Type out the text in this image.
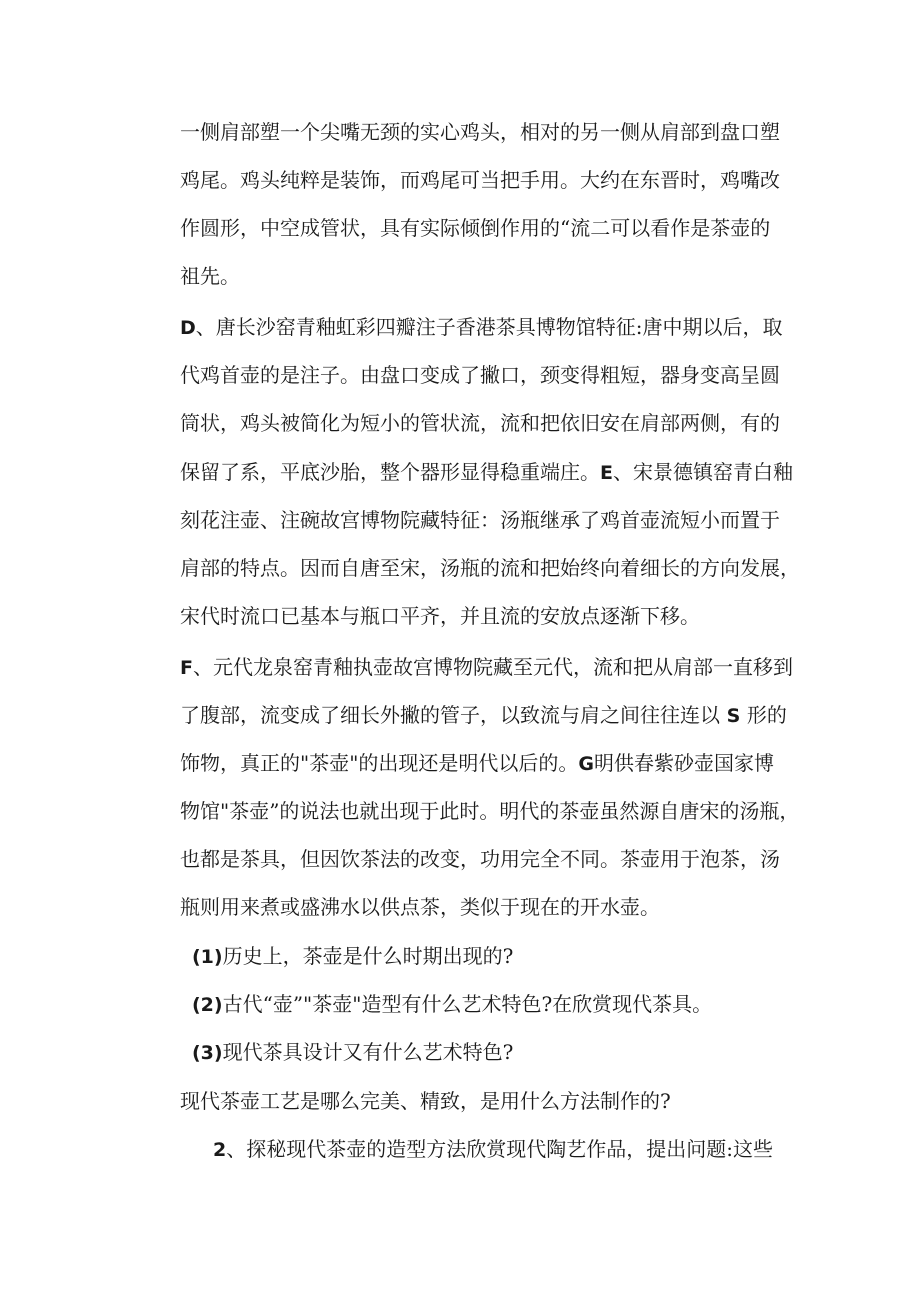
一侧肩部塑一个尖嘴无颈的实心鸡头，相对的另一侧从肩部到盘口塑
鸡尾。鸡头纯粹是装饰，而鸡尾可当把手用。大约在东晋时，鸡嘴改
作圆形，中空成管状，具有实际倾倒作用的“流二可以看作是茶壶的
祖先。
D、唐长沙窑青釉虹彩四瓣注子香港茶具博物馆特征:唐中期以后，取
代鸡首壶的是注子。由盘口变成了撇口，颈变得粗短，器身变高呈圆
筒状，鸡头被简化为短小的管状流，流和把依旧安在肩部两侧，有的
保留了系，平底沙胎，整个器形显得稳重端庄。E、宋景德镇窑青白釉
刻花注壶、注碗故宫博物院藏特征：汤瓶继承了鸡首壶流短小而置于
肩部的特点。因而自唐至宋，汤瓶的流和把始终向着细长的方向发展，
宋代时流口已基本与瓶口平齐，并且流的安放点逐渐下移。
F、元代龙泉窑青釉执壶故宫博物院藏至元代，流和把从肩部一直移到
了腹部，流变成了细长外撇的管子，以致流与肩之间往往连以 S 形的
饰物，真正的"茶壶"的出现还是明代以后的。G明供春紫砂壶国家博
物馆"茶壶”的说法也就出现于此时。明代的茶壶虽然源自唐宋的汤瓶，
也都是茶具，但因饮茶法的改变，功用完全不同。茶壶用于泡茶，汤
瓶则用来煮或盛沸水以供点茶，类似于现在的开水壶。
(1)历史上，茶壶是什么时期出现的?
(2)古代“壶”"茶壶"造型有什么艺术特色?在欣赏现代茶具。
(3)现代茶具设计又有什么艺术特色?
现代茶壶工艺是哪么完美、精致，是用什么方法制作的?
2、探秘现代茶壶的造型方法欣赏现代陶艺作品，提出问题:这些
